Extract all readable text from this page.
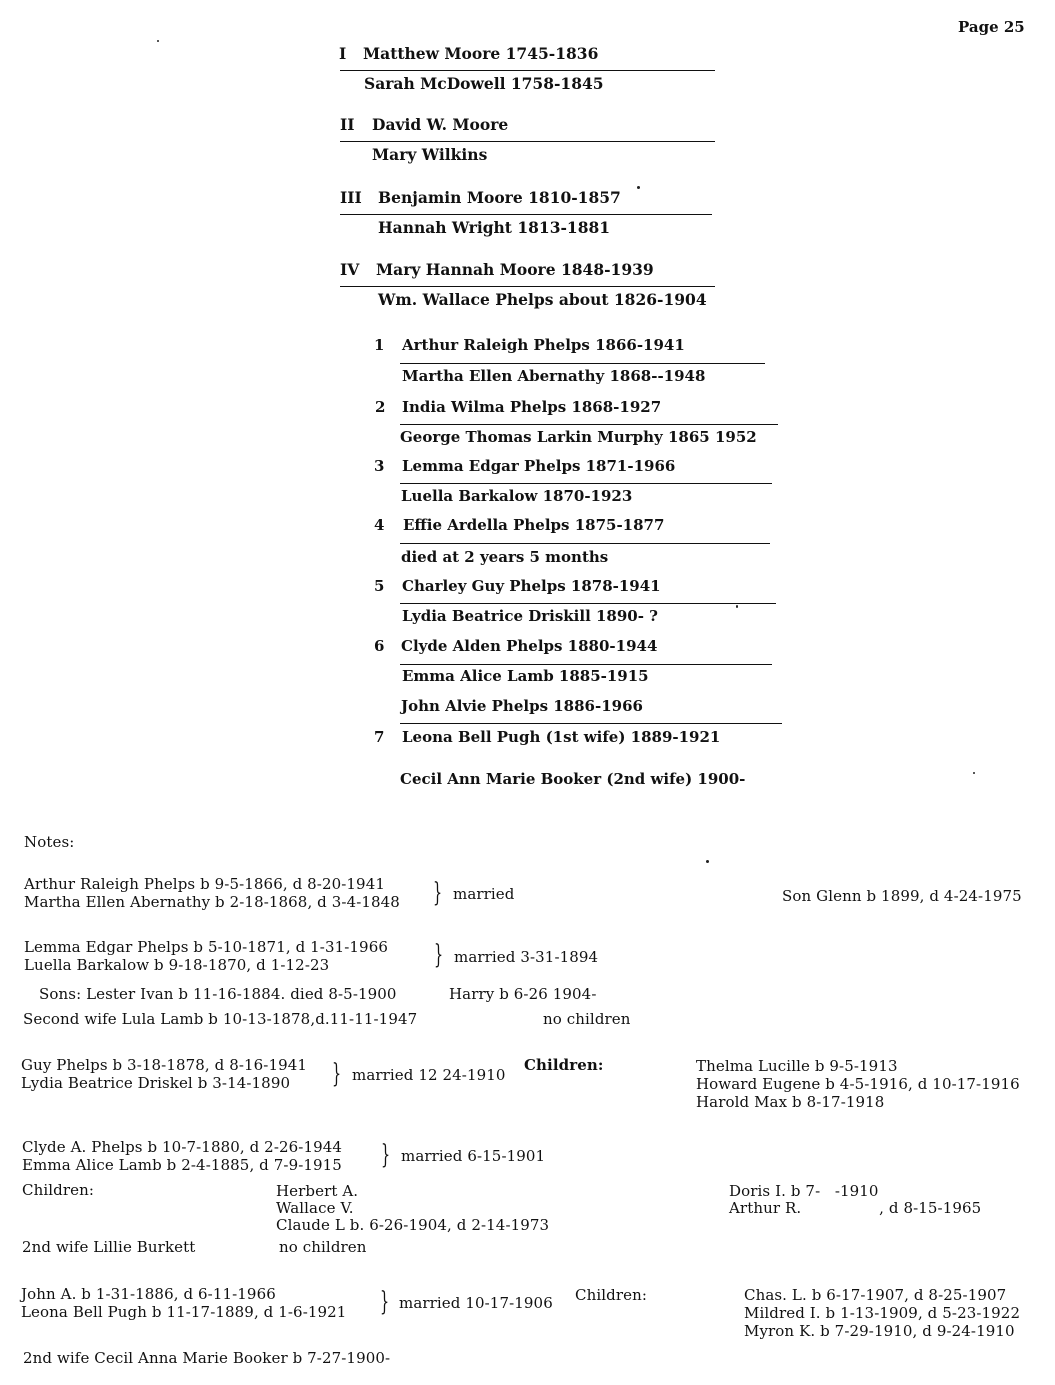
Page 25
I Matthew Moore 1745-1836
Sarah McDowell 1758-1845
II David W. Moore
Mary Wilkins
III Benjamin Moore 1810-1857
Hannah Wright 1813-1881
IV Mary Hannah Moore 1848-1939
Wm. Wallace Phelps about 1826-1904
1 Arthur Raleigh Phelps 1866-1941
Martha Ellen Abernathy 1868--1948
2 India Wilma Phelps 1868-1927
George Thomas Larkin Murphy 1865 1952
3 Lemma Edgar Phelps 1871-1966
Luella Barkalow 1870-1923
4 Effie Ardella Phelps 1875-1877
died at 2 years 5 months
5 Charley Guy Phelps 1878-1941
Lydia Beatrice Driskill 1890- ?
6 Clyde Alden Phelps 1880-1944
Emma Alice Lamb 1885-1915
John Alvie Phelps 1886-1966
7 Leona Bell Pugh (1st wife) 1889-1921
Cecil Ann Marie Booker (2nd wife) 1900-
Notes:
Arthur Raleigh Phelps b 9-5-1866, d 8-20-1941
Martha Ellen Abernathy b 2-18-1868, d 3-4-1848 } married	Son Glenn b 1899, d 4-24-1975
Lemma Edgar Phelps b 5-10-1871, d 1-31-1966
Luella Barkalow b 9-18-1870, d 1-12-23	} married 3-31-1894
Sons: Lester Ivan b 11-16-1884. died 8-5-1900	Harry b 6-26 1904-
Second wife Lula Lamb b 10-13-1878,d.11-11-1947	no children
Guy Phelps b 3-18-1878, d 8-16-1941
Lydia Beatrice Driskel b 3-14-1890 } married 12 24-1910
Children:	Thelma Lucille b 9-5-1913
Howard Eugene b 4-5-1916, d 10-17-1916
Harold Max b 8-17-1918
Clyde A. Phelps b 10-7-1880, d 2-26-1944
Emma Alice Lamb b 2-4-1885, d 7-9-1915 } married 6-15-1901
Children:	Herbert A.
Wallace V.
Claude L b. 6-26-1904, d 2-14-1973
Doris I. b 7-   -1910
Arthur R.                , d 8-15-1965
2nd wife Lillie Burkett	no children
John A. b 1-31-1886, d 6-11-1966
Leona Bell Pugh b 11-17-1889, d 1-6-1921 } married 10-17-1906 Children:	Chas. L. b 6-17-1907, d 8-25-1907
Mildred I. b 1-13-1909, d 5-23-1922
Myron K. b 7-29-1910, d 9-24-1910
2nd wife Cecil Anna Marie Booker b 7-27-1900-
